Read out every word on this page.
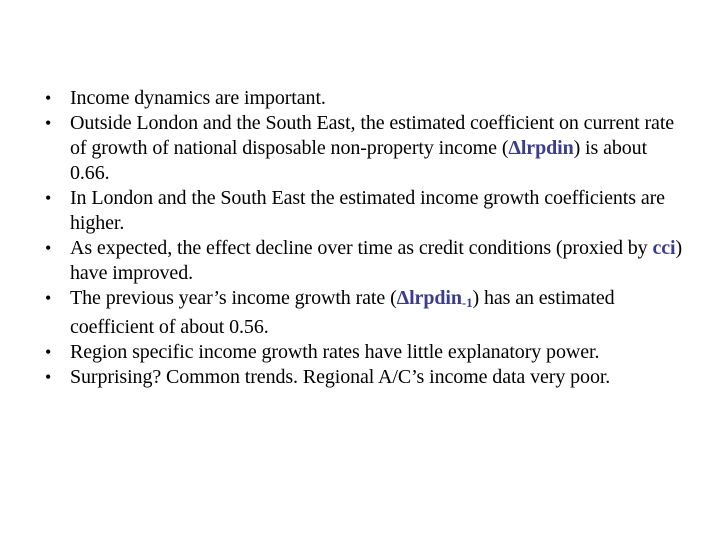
• Income dynamics are important.
• Outside London and the South East, the estimated coefficient on current rate of growth of national disposable non-property income (Δlrpdin) is about 0.66.
• In London and the South East the estimated income growth coefficients are higher.
• As expected, the effect decline over time as credit conditions (proxied by cci) have improved.
• The previous year’s income growth rate (Δlrpdin$_{-1}$) has an estimated coefficient of about 0.56.
• Region specific income growth rates have little explanatory power.
• Surprising? Common trends. Regional A/C’s income data very poor.
